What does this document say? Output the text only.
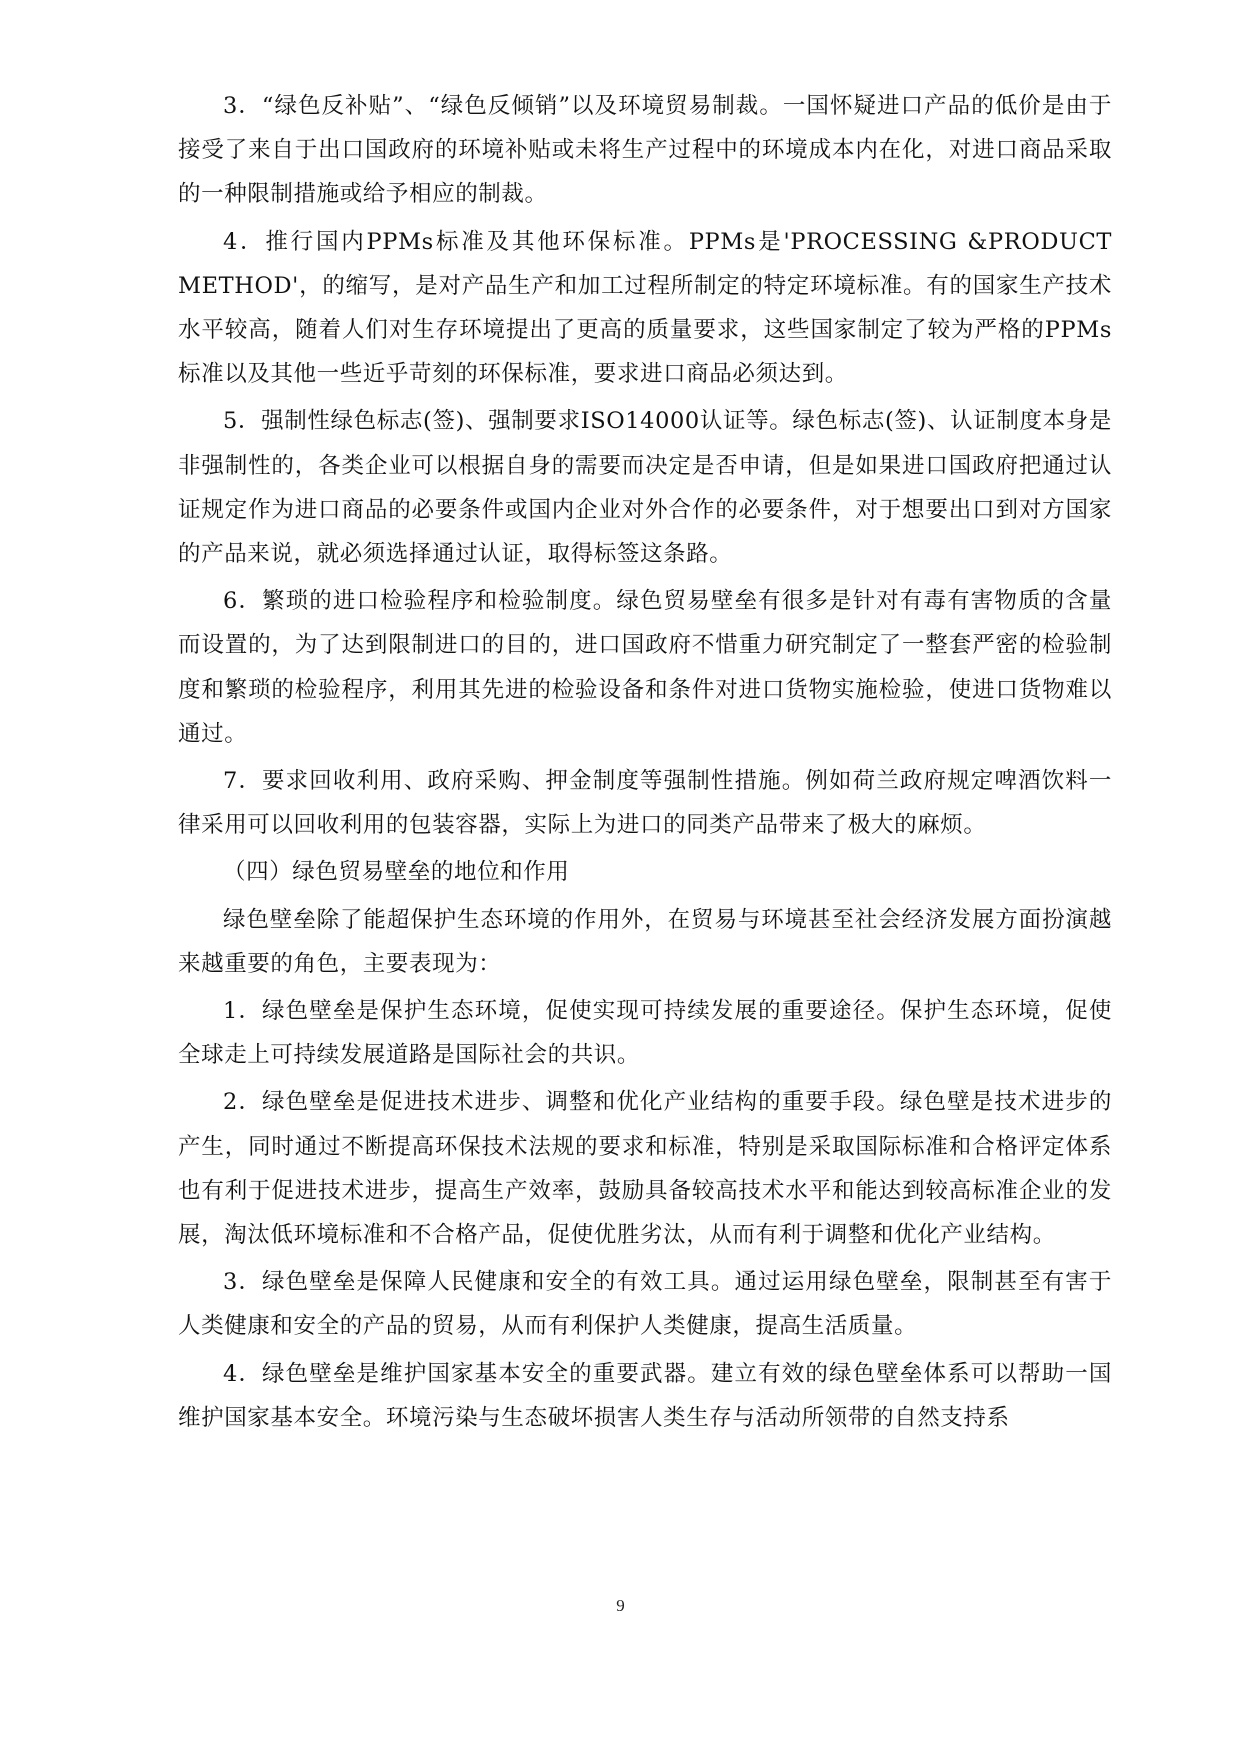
3．“绿色反补贴”、“绿色反倾销”以及环境贸易制裁。一国怀疑进口产品的低价是由于接受了来自于出口国政府的环境补贴或未将生产过程中的环境成本内在化，对进口商品采取的一种限制措施或给予相应的制裁。

4．推行国内PPMs标准及其他环保标准。PPMs是'PROCESSING &PRODUCT METHOD'，的缩写，是对产品生产和加工过程所制定的特定环境标准。有的国家生产技术水平较高，随着人们对生存环境提出了更高的质量要求，这些国家制定了较为严格的PPMs标准以及其他一些近乎苛刻的环保标准，要求进口商品必须达到。

5．强制性绿色标志(签)、强制要求ISO14000认证等。绿色标志(签)、认证制度本身是非强制性的，各类企业可以根据自身的需要而决定是否申请，但是如果进口国政府把通过认证规定作为进口商品的必要条件或国内企业对外合作的必要条件，对于想要出口到对方国家的产品来说，就必须选择通过认证，取得标签这条路。

6．繁琐的进口检验程序和检验制度。绿色贸易壁垒有很多是针对有毒有害物质的含量而设置的，为了达到限制进口的目的，进口国政府不惜重力研究制定了一整套严密的检验制度和繁琐的检验程序，利用其先进的检验设备和条件对进口货物实施检验，使进口货物难以通过。

7．要求回收利用、政府采购、押金制度等强制性措施。例如荷兰政府规定啤酒饮料一律采用可以回收利用的包装容器，实际上为进口的同类产品带来了极大的麻烦。

（四）绿色贸易壁垒的地位和作用

绿色壁垒除了能超保护生态环境的作用外，在贸易与环境甚至社会经济发展方面扮演越来越重要的角色，主要表现为：

1．绿色壁垒是保护生态环境，促使实现可持续发展的重要途径。保护生态环境，促使全球走上可持续发展道路是国际社会的共识。

2．绿色壁垒是促进技术进步、调整和优化产业结构的重要手段。绿色壁是技术进步的产生，同时通过不断提高环保技术法规的要求和标准，特别是采取国际标准和合格评定体系也有利于促进技术进步，提高生产效率，鼓励具备较高技术水平和能达到较高标准企业的发展，淘汰低环境标准和不合格产品，促使优胜劣汰，从而有利于调整和优化产业结构。

3．绿色壁垒是保障人民健康和安全的有效工具。通过运用绿色壁垒，限制甚至有害于人类健康和安全的产品的贸易，从而有利保护人类健康，提高生活质量。

4．绿色壁垒是维护国家基本安全的重要武器。建立有效的绿色壁垒体系可以帮助一国维护国家基本安全。环境污染与生态破坏损害人类生存与活动所领带的自然支持系

9
